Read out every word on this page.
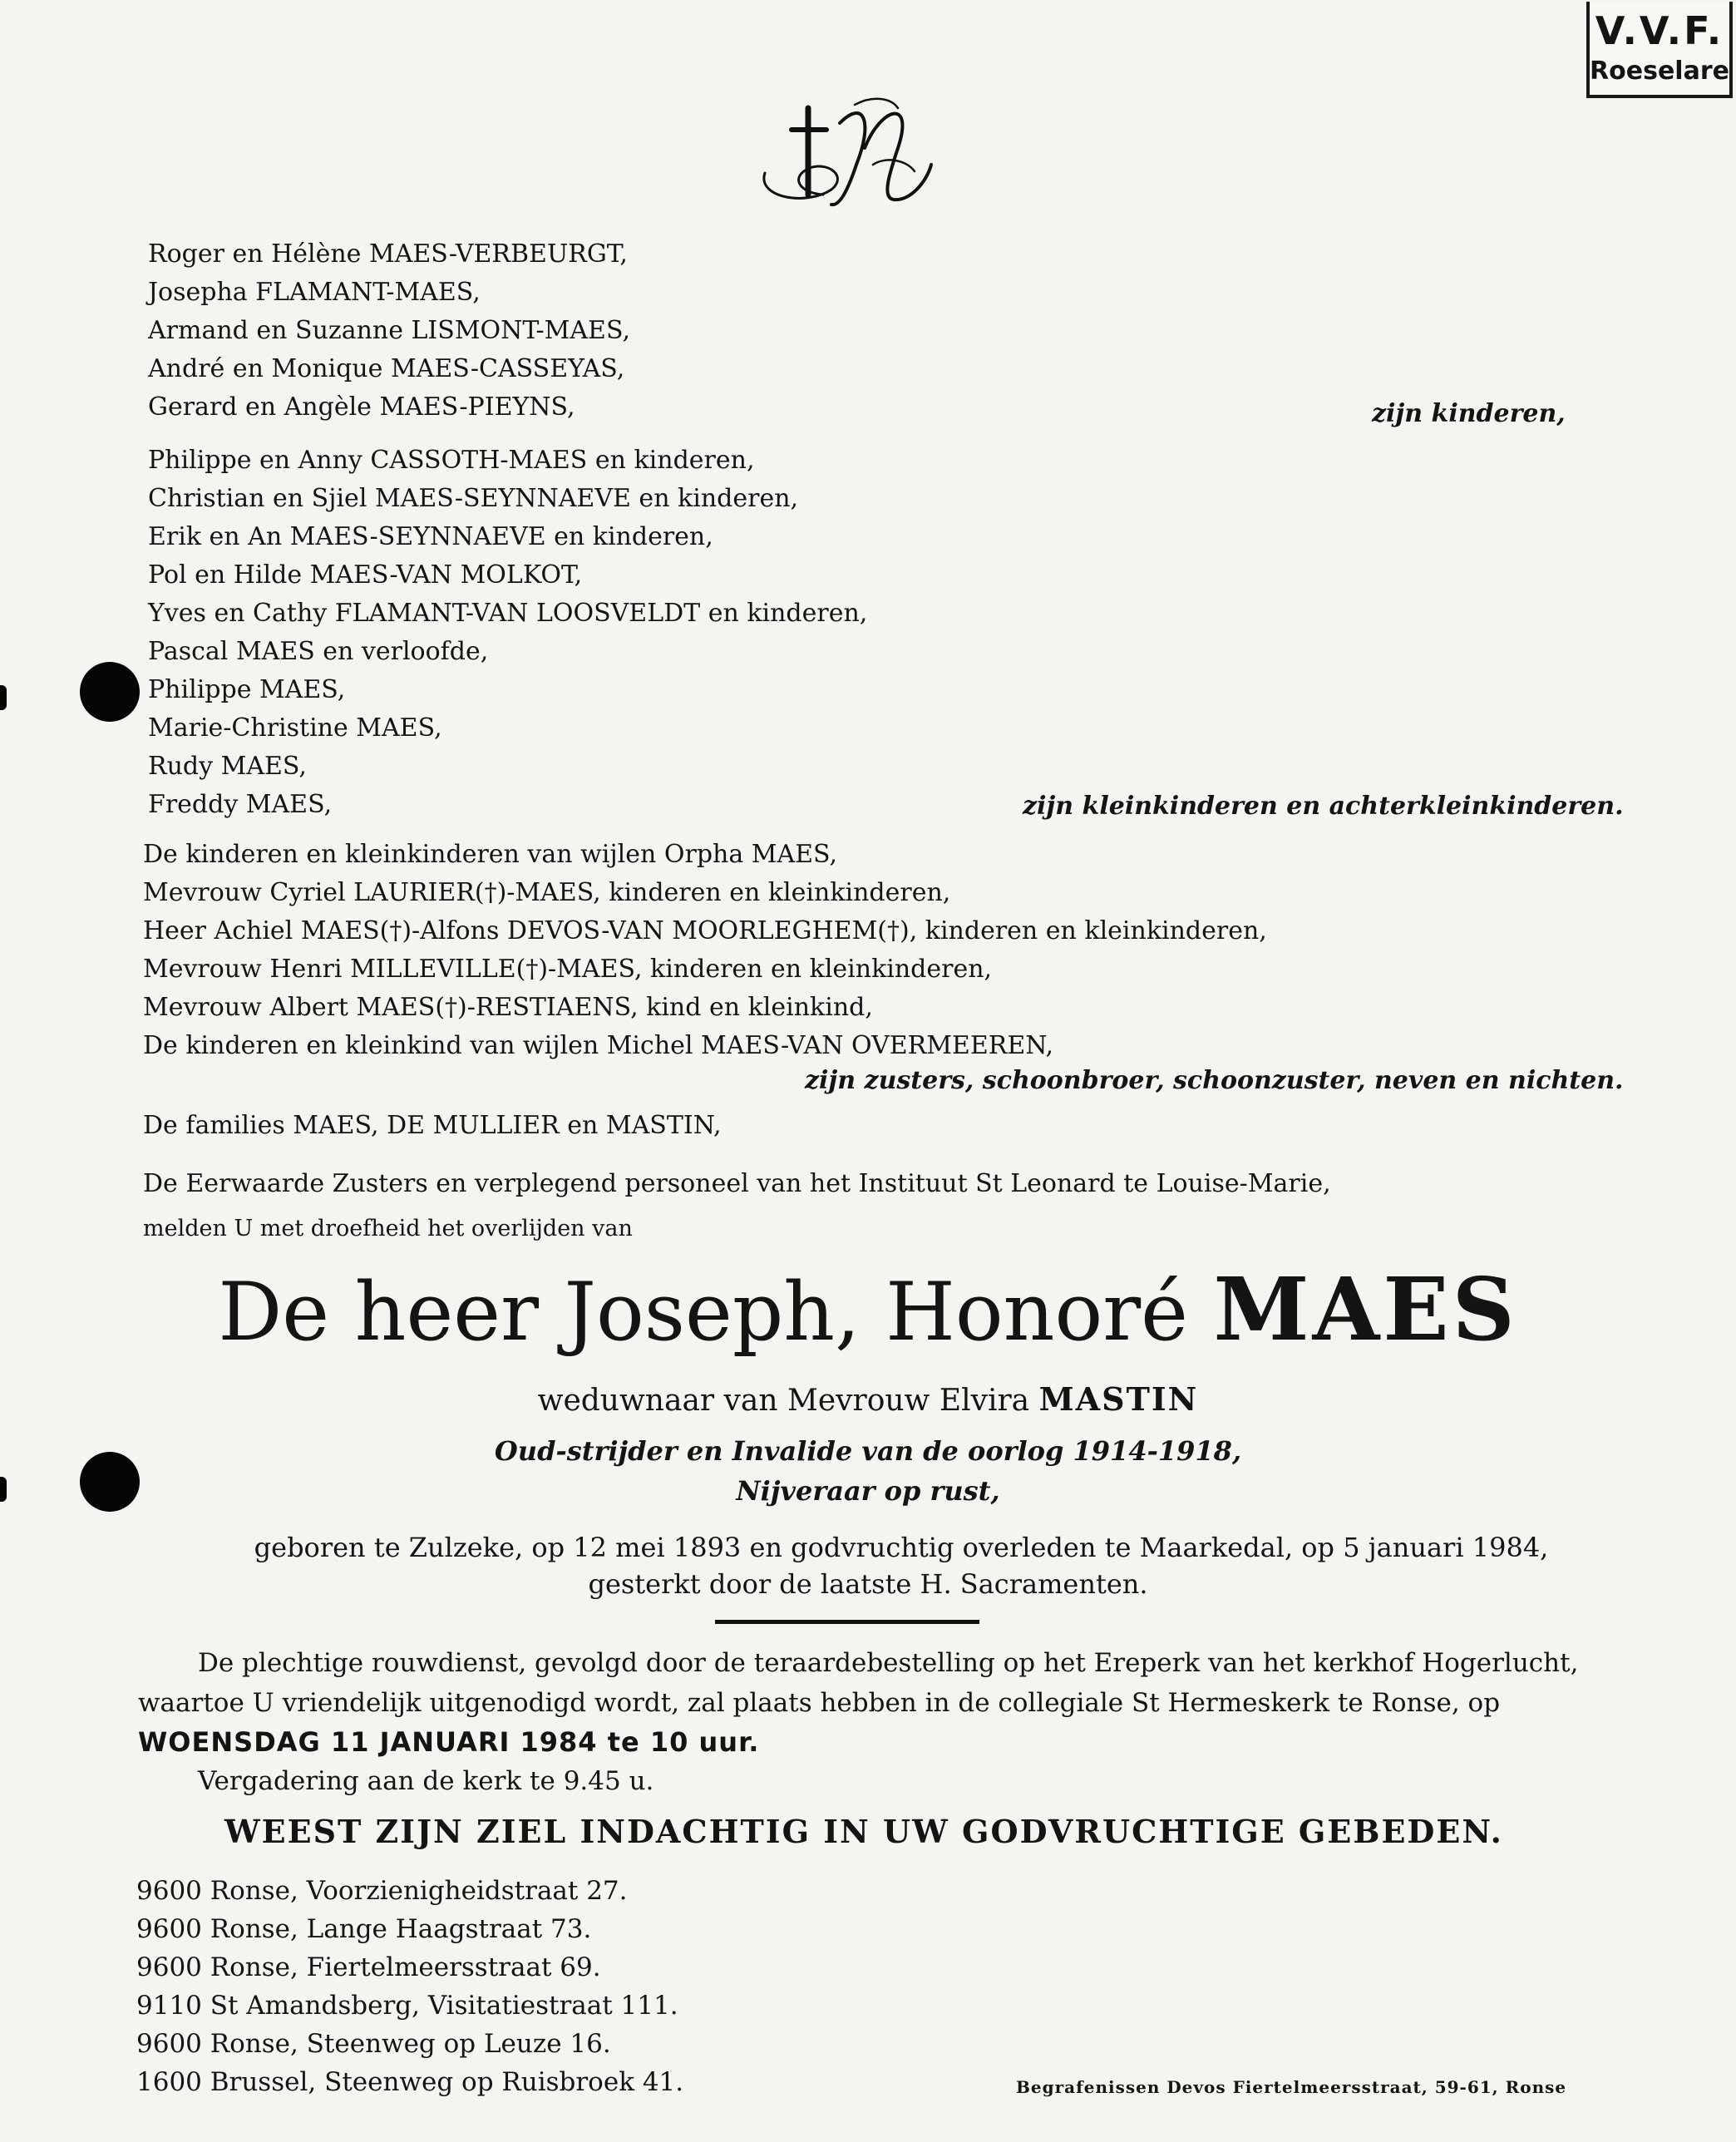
V.V.F.
Roeselare
Roger en Hélène MAES-VERBEURGT,
Josepha FLAMANT-MAES,
Armand en Suzanne LISMONT-MAES,
André en Monique MAES-CASSEYAS,
Gerard en Angèle MAES-PIEYNS,	zijn kinderen,
Philippe en Anny CASSOTH-MAES en kinderen,
Christian en Sjiel MAES-SEYNNAEVE en kinderen,
Erik en An MAES-SEYNNAEVE en kinderen,
Pol en Hilde MAES-VAN MOLKOT,
Yves en Cathy FLAMANT-VAN LOOSVELDT en kinderen,
Pascal MAES en verloofde,
Philippe MAES,
Marie-Christine MAES,
Rudy MAES,
Freddy MAES,	zijn kleinkinderen en achterkleinkinderen.
De kinderen en kleinkinderen van wijlen Orpha MAES,
Mevrouw Cyriel LAURIER(†)-MAES, kinderen en kleinkinderen,
Heer Achiel MAES(†)-Alfons DEVOS-VAN MOORLEGHEM(†), kinderen en kleinkinderen,
Mevrouw Henri MILLEVILLE(†)-MAES, kinderen en kleinkinderen,
Mevrouw Albert MAES(†)-RESTIAENS, kind en kleinkind,
De kinderen en kleinkind van wijlen Michel MAES-VAN OVERMEEREN,
zijn zusters, schoonbroer, schoonzuster, neven en nichten.
De families MAES, DE MULLIER en MASTIN,
De Eerwaarde Zusters en verplegend personeel van het Instituut St Leonard te Louise-Marie,
melden U met droefheid het overlijden van
De heer Joseph, Honoré MAES
weduwnaar van Mevrouw Elvira MASTIN
Oud-strijder en Invalide van de oorlog 1914-1918,
Nijveraar op rust,
geboren te Zulzeke, op 12 mei 1893 en godvruchtig overleden te Maarkedal, op 5 januari 1984,
gesterkt door de laatste H. Sacramenten.
De plechtige rouwdienst, gevolgd door de teraardebestelling op het Ereperk van het kerkhof Hogerlucht,
waartoe U vriendelijk uitgenodigd wordt, zal plaats hebben in de collegiale St Hermeskerk te Ronse, op
WOENSDAG 11 JANUARI 1984 te 10 uur.
Vergadering aan de kerk te 9.45 u.
WEEST ZIJN ZIEL INDACHTIG IN UW GODVRUCHTIGE GEBEDEN.
9600 Ronse, Voorzienigheidstraat 27.
9600 Ronse, Lange Haagstraat 73.
9600 Ronse, Fiertelmeersstraat 69.
9110 St Amandsberg, Visitatiestraat 111.
9600 Ronse, Steenweg op Leuze 16.
1600 Brussel, Steenweg op Ruisbroek 41.	Begrafenissen Devos Fiertelmeersstraat, 59-61, Ronse
